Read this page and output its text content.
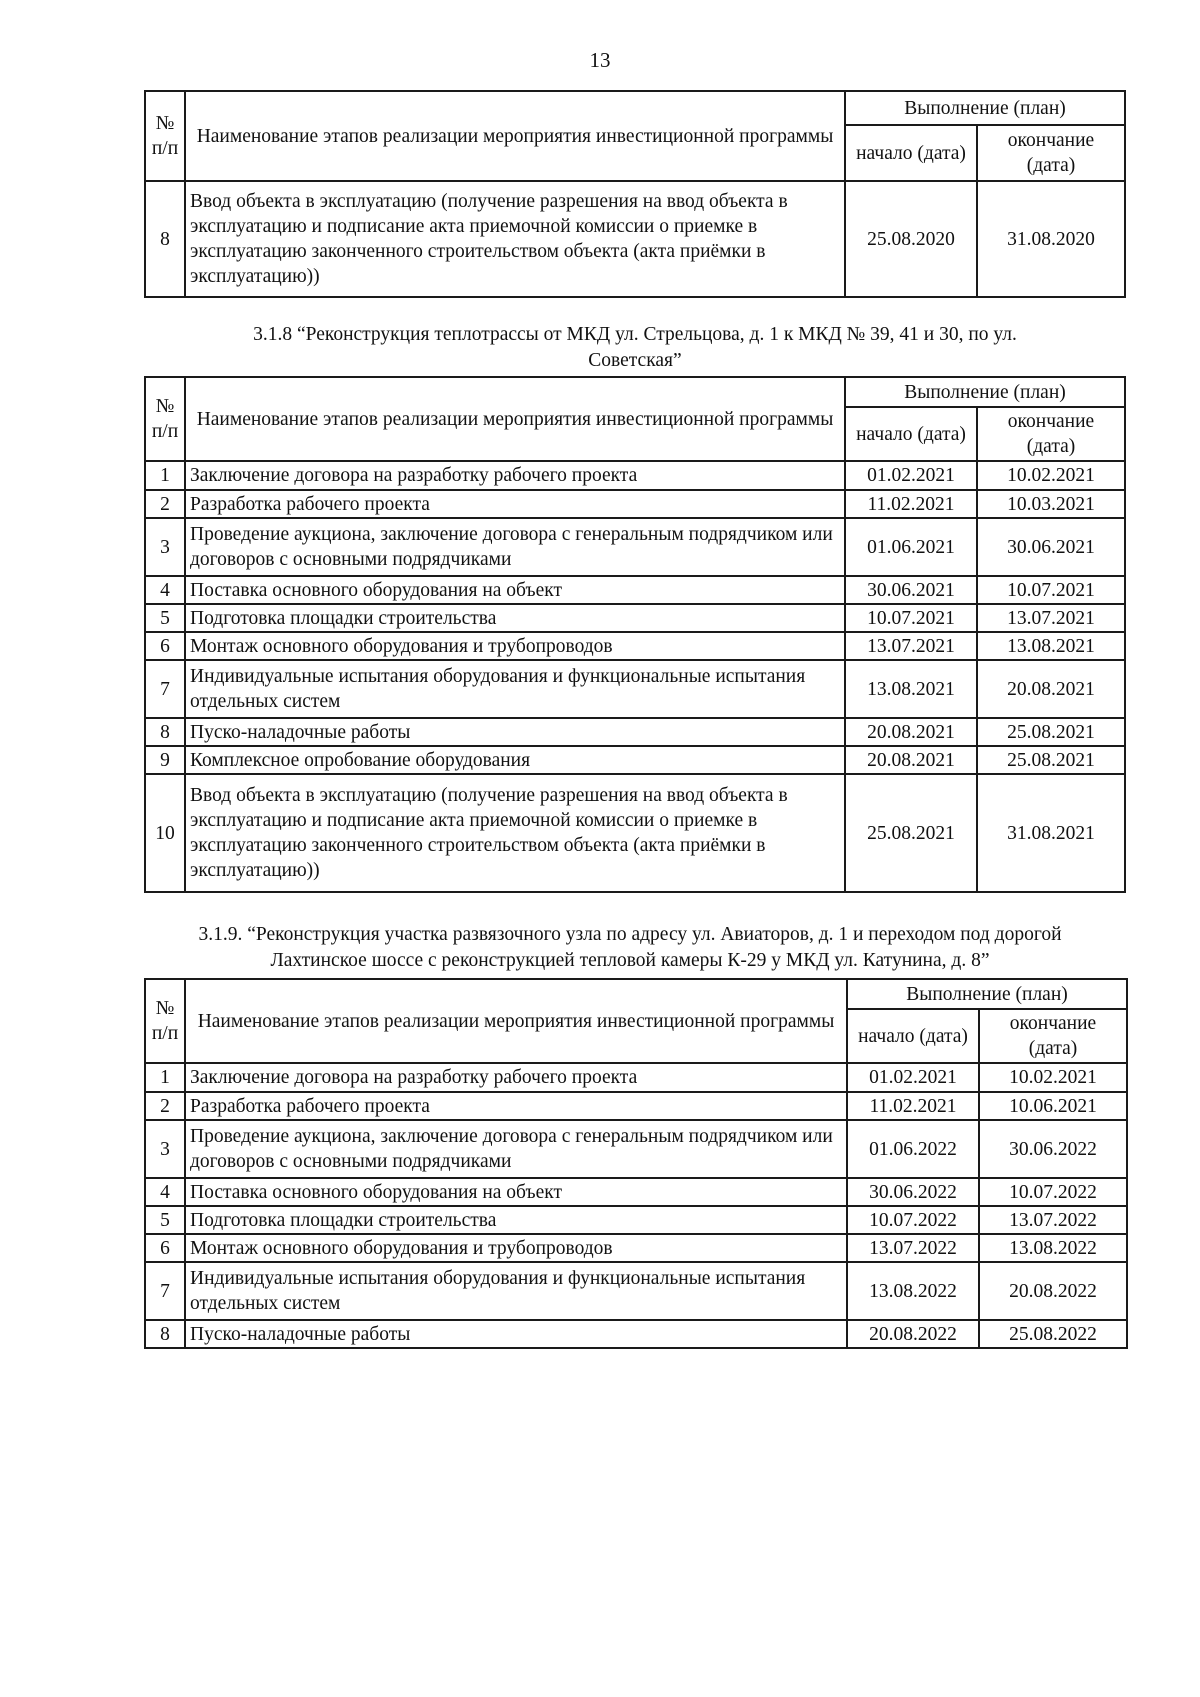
13
№ п/п	Наименование этапов реализации мероприятия инвестиционной программы	Выполнение (план)	
		начало (дата)	окончание (дата)
8	Ввод объекта в эксплуатацию (получение разрешения на ввод объекта в эксплуатацию и подписание акта приемочной комиссии о приемке в эксплуатацию законченного строительством объекта (акта приёмки в эксплуатацию))	25.08.2020	31.08.2020
3.1.8 “Реконструкция теплотрассы от МКД ул. Стрельцова, д. 1 к МКД № 39, 41 и 30, по ул. Советская”
№ п/п	Наименование этапов реализации мероприятия инвестиционной программы	Выполнение (план)	
		начало (дата)	окончание (дата)
1	Заключение договора на разработку рабочего проекта	01.02.2021	10.02.2021
2	Разработка рабочего проекта	11.02.2021	10.03.2021
3	Проведение аукциона, заключение договора с генеральным подрядчиком или договоров с основными подрядчиками	01.06.2021	30.06.2021
4	Поставка основного оборудования на объект	30.06.2021	10.07.2021
5	Подготовка площадки строительства	10.07.2021	13.07.2021
6	Монтаж основного оборудования и трубопроводов	13.07.2021	13.08.2021
7	Индивидуальные испытания оборудования и функциональные испытания отдельных систем	13.08.2021	20.08.2021
8	Пуско-наладочные работы	20.08.2021	25.08.2021
9	Комплексное опробование оборудования	20.08.2021	25.08.2021
10	Ввод объекта в эксплуатацию (получение разрешения на ввод объекта в эксплуатацию и подписание акта приемочной комиссии о приемке в эксплуатацию законченного строительством объекта (акта приёмки в эксплуатацию))	25.08.2021	31.08.2021
3.1.9. “Реконструкция участка развязочного узла по адресу ул. Авиаторов, д. 1 и переходом под дорогой Лахтинское шоссе с реконструкцией тепловой камеры К-29 у МКД ул. Катунина, д. 8”
№ п/п	Наименование этапов реализации мероприятия инвестиционной программы	Выполнение (план)	
		начало (дата)	окончание (дата)
1	Заключение договора на разработку рабочего проекта	01.02.2021	10.02.2021
2	Разработка рабочего проекта	11.02.2021	10.06.2021
3	Проведение аукциона, заключение договора с генеральным подрядчиком или договоров с основными подрядчиками	01.06.2022	30.06.2022
4	Поставка основного оборудования на объект	30.06.2022	10.07.2022
5	Подготовка площадки строительства	10.07.2022	13.07.2022
6	Монтаж основного оборудования и трубопроводов	13.07.2022	13.08.2022
7	Индивидуальные испытания оборудования и функциональные испытания отдельных систем	13.08.2022	20.08.2022
8	Пуско-наладочные работы	20.08.2022	25.08.2022
